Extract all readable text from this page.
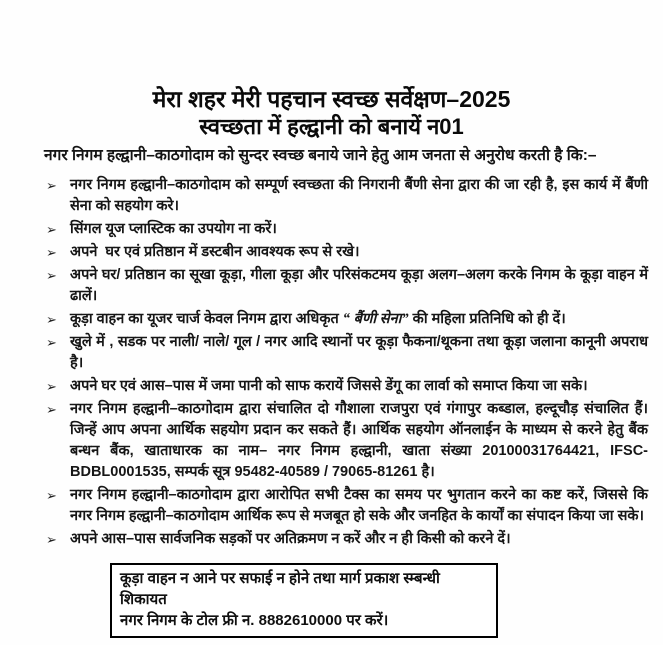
मेरा शहर मेरी पहचान स्वच्छ सर्वेक्षण–2025
स्वच्छता में हल्द्वानी को बनायें न01

नगर निगम हल्द्वानी–काठगोदाम को सुन्दर स्वच्छ बनाये जाने हेतु आम जनता से अनुरोध करती है कि:–

➢ नगर निगम हल्द्वानी–काठगोदाम को सम्पूर्ण स्वच्छता की निगरानी बैंणी सेना द्वारा की जा रही है, इस कार्य में बैंणी सेना को सहयोग करे।
➢ सिंगल यूज प्लास्टिक का उपयोग ना करें।
➢ अपने  घर एवं प्रतिष्ठान में डस्टबीन आवश्यक रूप से रखे।
➢ अपने घर/ प्रतिष्ठान का सूखा कूड़ा, गीला कूड़ा और परिसंकटमय कूड़ा अलग–अलग करके निगम के कूड़ा वाहन में ढालें।
➢ कूड़ा वाहन का यूजर चार्ज केवल निगम द्वारा अधिकृत “ बैंणी सेना” की महिला प्रतिनिधि को ही दें।
➢ खुले में , सडक पर नाली/ नाले/ गूल / नगर आदि स्थानों पर कूड़ा फैकना/थूकना तथा कूड़ा जलाना कानूनी अपराध है।
➢ अपने घर एवं आस–पास में जमा पानी को साफ करायें जिससे डेंगू का लार्वा को समाप्त किया जा सके।
➢ नगर निगम हल्द्वानी–काठगोदाम द्वारा संचालित दो गौशाला राजपुरा एवं गंगापुर कब्डाल, हल्दूचौड़ संचालित हैं। जिन्हें आप अपना आर्थिक सहयोग प्रदान कर सकते हैं। आर्थिक सहयोग ऑनलाईन के माध्यम से करने हेतु बैंक बन्धन बैंक, खाताधारक का नाम– नगर निगम हल्द्वानी, खाता संख्या 20100031764421, IFSC-BDBL0001535, सम्पर्क सूत्र 95482-40589 / 79065-81261 है।
➢ नगर निगम हल्द्वानी–काठगोदाम द्वारा आरोपित सभी टैक्स का समय पर भुगतान करने का कष्ट करें, जिससे कि नगर निगम हल्द्वानी–काठगोदाम आर्थिक रूप से मजबूत हो सके और जनहित के कार्यों का संपादन किया जा सके।
➢ अपने आस–पास सार्वजनिक सड़कों पर अतिक्रमण न करें और न ही किसी को करने दें।
कूड़ा वाहन न आने पर सफाई न होने तथा मार्ग प्रकाश स्म्बन्धी शिकायत
नगर निगम के टोल फ्री न. 8882610000 पर करें।
